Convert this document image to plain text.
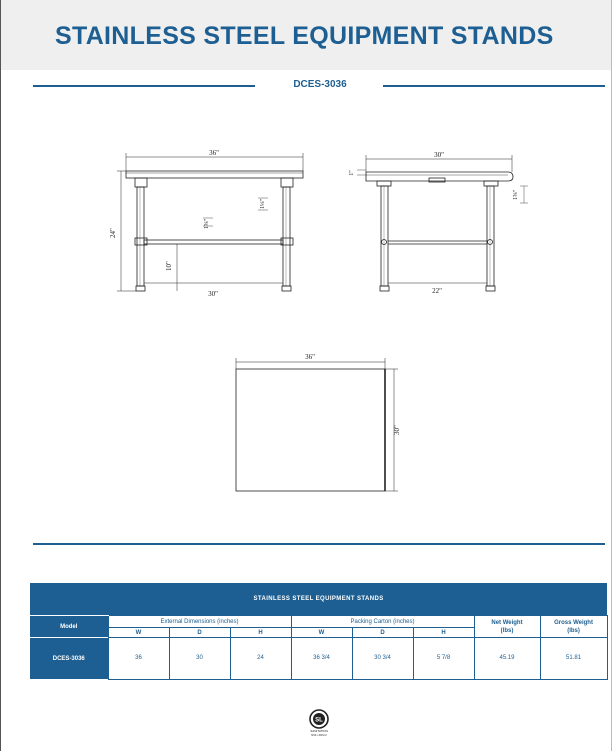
STAINLESS STEEL EQUIPMENT STANDS
DCES-3036
36"
24"
30"
10"
1⅝"
1⅛"
30"
22"
1"
1⅝"
36"
30"
STAINLESS STEEL EQUIPMENT STANDS								
Model	External Dimensions (inches)			Packing Carton (inches)			Net Weight
(lbs)	Gross Weight
(lbs)
	W	D	H	W	D	H		
DCES-3036	36	30	24	36 3/4	30 3/4	5 7/8	45.19	51.81
SL
SANITATION
NSF / ANSI 2
